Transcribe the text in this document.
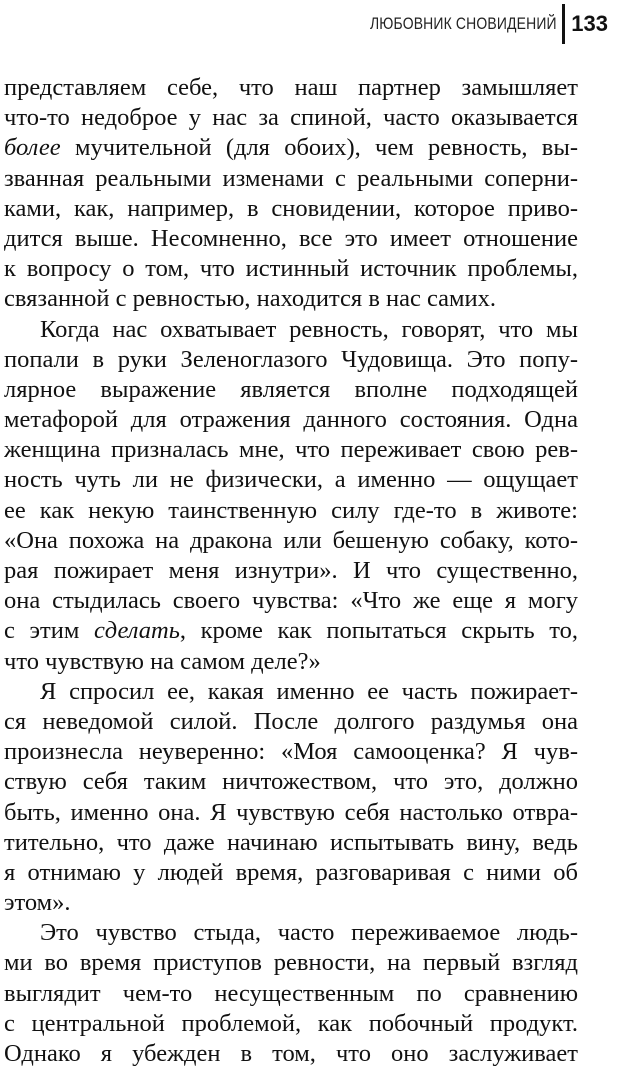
ЛЮБОВНИК СНОВИДЕНИЙ 133
представляем себе, что наш партнер замышляет
что-то недоброе у нас за спиной, часто оказывается
более мучительной (для обоих), чем ревность, вы-
званная реальными изменами с реальными соперни-
ками, как, например, в сновидении, которое приво-
дится выше. Несомненно, все это имеет отношение
к вопросу о том, что истинный источник проблемы,
связанной с ревностью, находится в нас самих.
Когда нас охватывает ревность, говорят, что мы
попали в руки Зеленоглазого Чудовища. Это попу-
лярное выражение является вполне подходящей
метафорой для отражения данного состояния. Одна
женщина призналась мне, что переживает свою рев-
ность чуть ли не физически, а именно — ощущает
ее как некую таинственную силу где-то в животе:
«Она похожа на дракона или бешеную собаку, кото-
рая пожирает меня изнутри». И что существенно,
она стыдилась своего чувства: «Что же еще я могу
с этим сделать, кроме как попытаться скрыть то,
что чувствую на самом деле?»
Я спросил ее, какая именно ее часть пожирает-
ся неведомой силой. После долгого раздумья она
произнесла неуверенно: «Моя самооценка? Я чув-
ствую себя таким ничтожеством, что это, должно
быть, именно она. Я чувствую себя настолько отвра-
тительно, что даже начинаю испытывать вину, ведь
я отнимаю у людей время, разговаривая с ними об
этом».
Это чувство стыда, часто переживаемое людь-
ми во время приступов ревности, на первый взгляд
выглядит чем-то несущественным по сравнению
с центральной проблемой, как побочный продукт.
Однако я убежден в том, что оно заслуживает
